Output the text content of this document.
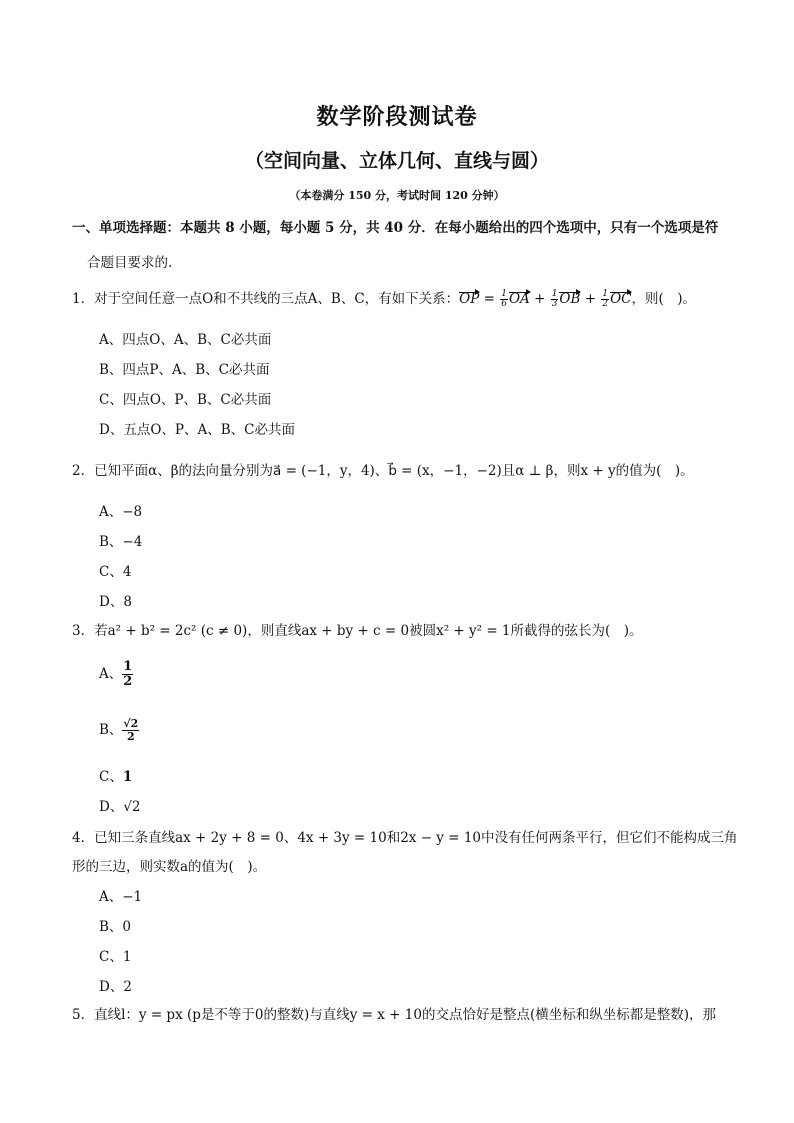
数学阶段测试卷
（空间向量、立体几何、直线与圆）
（本卷满分 150 分，考试时间 120 分钟）
一、单项选择题：本题共 8 小题，每小题 5 分，共 40 分．在每小题给出的四个选项中，只有一个选项是符
合题目要求的.
1．对于空间任意一点O和不共线的三点A、B、C，有如下关系：OP = $\frac{1}{6}$ OA + $\frac{1}{3}$ OB + $\frac{1}{2}$ OC，则(　)。
A、四点O、A、B、C必共面
B、四点P、A、B、C必共面
C、四点O、P、B、C必共面
D、五点O、P、A、B、C必共面
2．已知平面α、β的法向量分别为a⃗ = (−1，y，4)、b⃗ = (x，−1，−2)且α ⊥ β，则x + y的值为(　)。
A、−8
B、−4
C、4
D、8
3．若a² + b² = 2c² (c ≠ 0)，则直线ax + by + c = 0被圆x² + y² = 1所截得的弦长为(　)。
A、 $\frac{1}{2}$
B、 $\frac{√2}{2}$
C、1
D、√2
4．已知三条直线ax + 2y + 8 = 0、4x + 3y = 10和2x − y = 10中没有任何两条平行，但它们不能构成三角
形的三边，则实数a的值为(　)。
A、−1
B、0
C、1
D、2
5．直线l：y = px (p是不等于0的整数)与直线y = x + 10的交点恰好是整点(横坐标和纵坐标都是整数)，那
